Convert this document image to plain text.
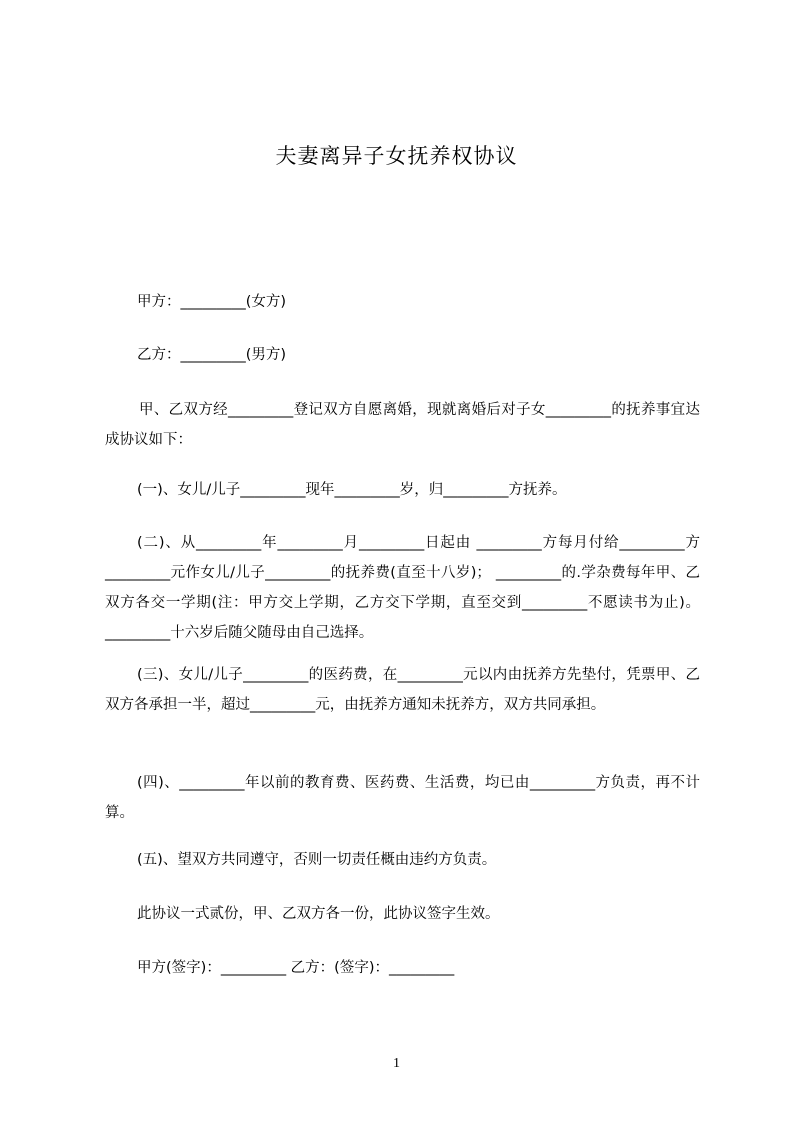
夫妻离异子女抚养权协议
甲方：_________(女方)
乙方：_________(男方)
甲、乙双方经_________登记双方自愿离婚，现就离婚后对子女_________的抚养事宜达成协议如下：
(一)、女儿/儿子_________现年_________岁，归_________方抚养。
(二)、从_________年_________月_________日起由 _________方每月付给_________方_________元作女儿/儿子_________的抚养费(直至十八岁)； _________的.学杂费每年甲、乙双方各交一学期(注：甲方交上学期，乙方交下学期，直至交到_________不愿读书为止)。_________十六岁后随父随母由自己选择。
(三)、女儿/儿子_________的医药费，在_________元以内由抚养方先垫付，凭票甲、乙双方各承担一半，超过_________元，由抚养方通知未抚养方，双方共同承担。
(四)、_________年以前的教育费、医药费、生活费，均已由_________方负责，再不计算。
(五)、望双方共同遵守，否则一切责任概由违约方负责。
此协议一式贰份，甲、乙双方各一份，此协议签字生效。
甲方(签字)：_________ 乙方：(签字)：_________
1
